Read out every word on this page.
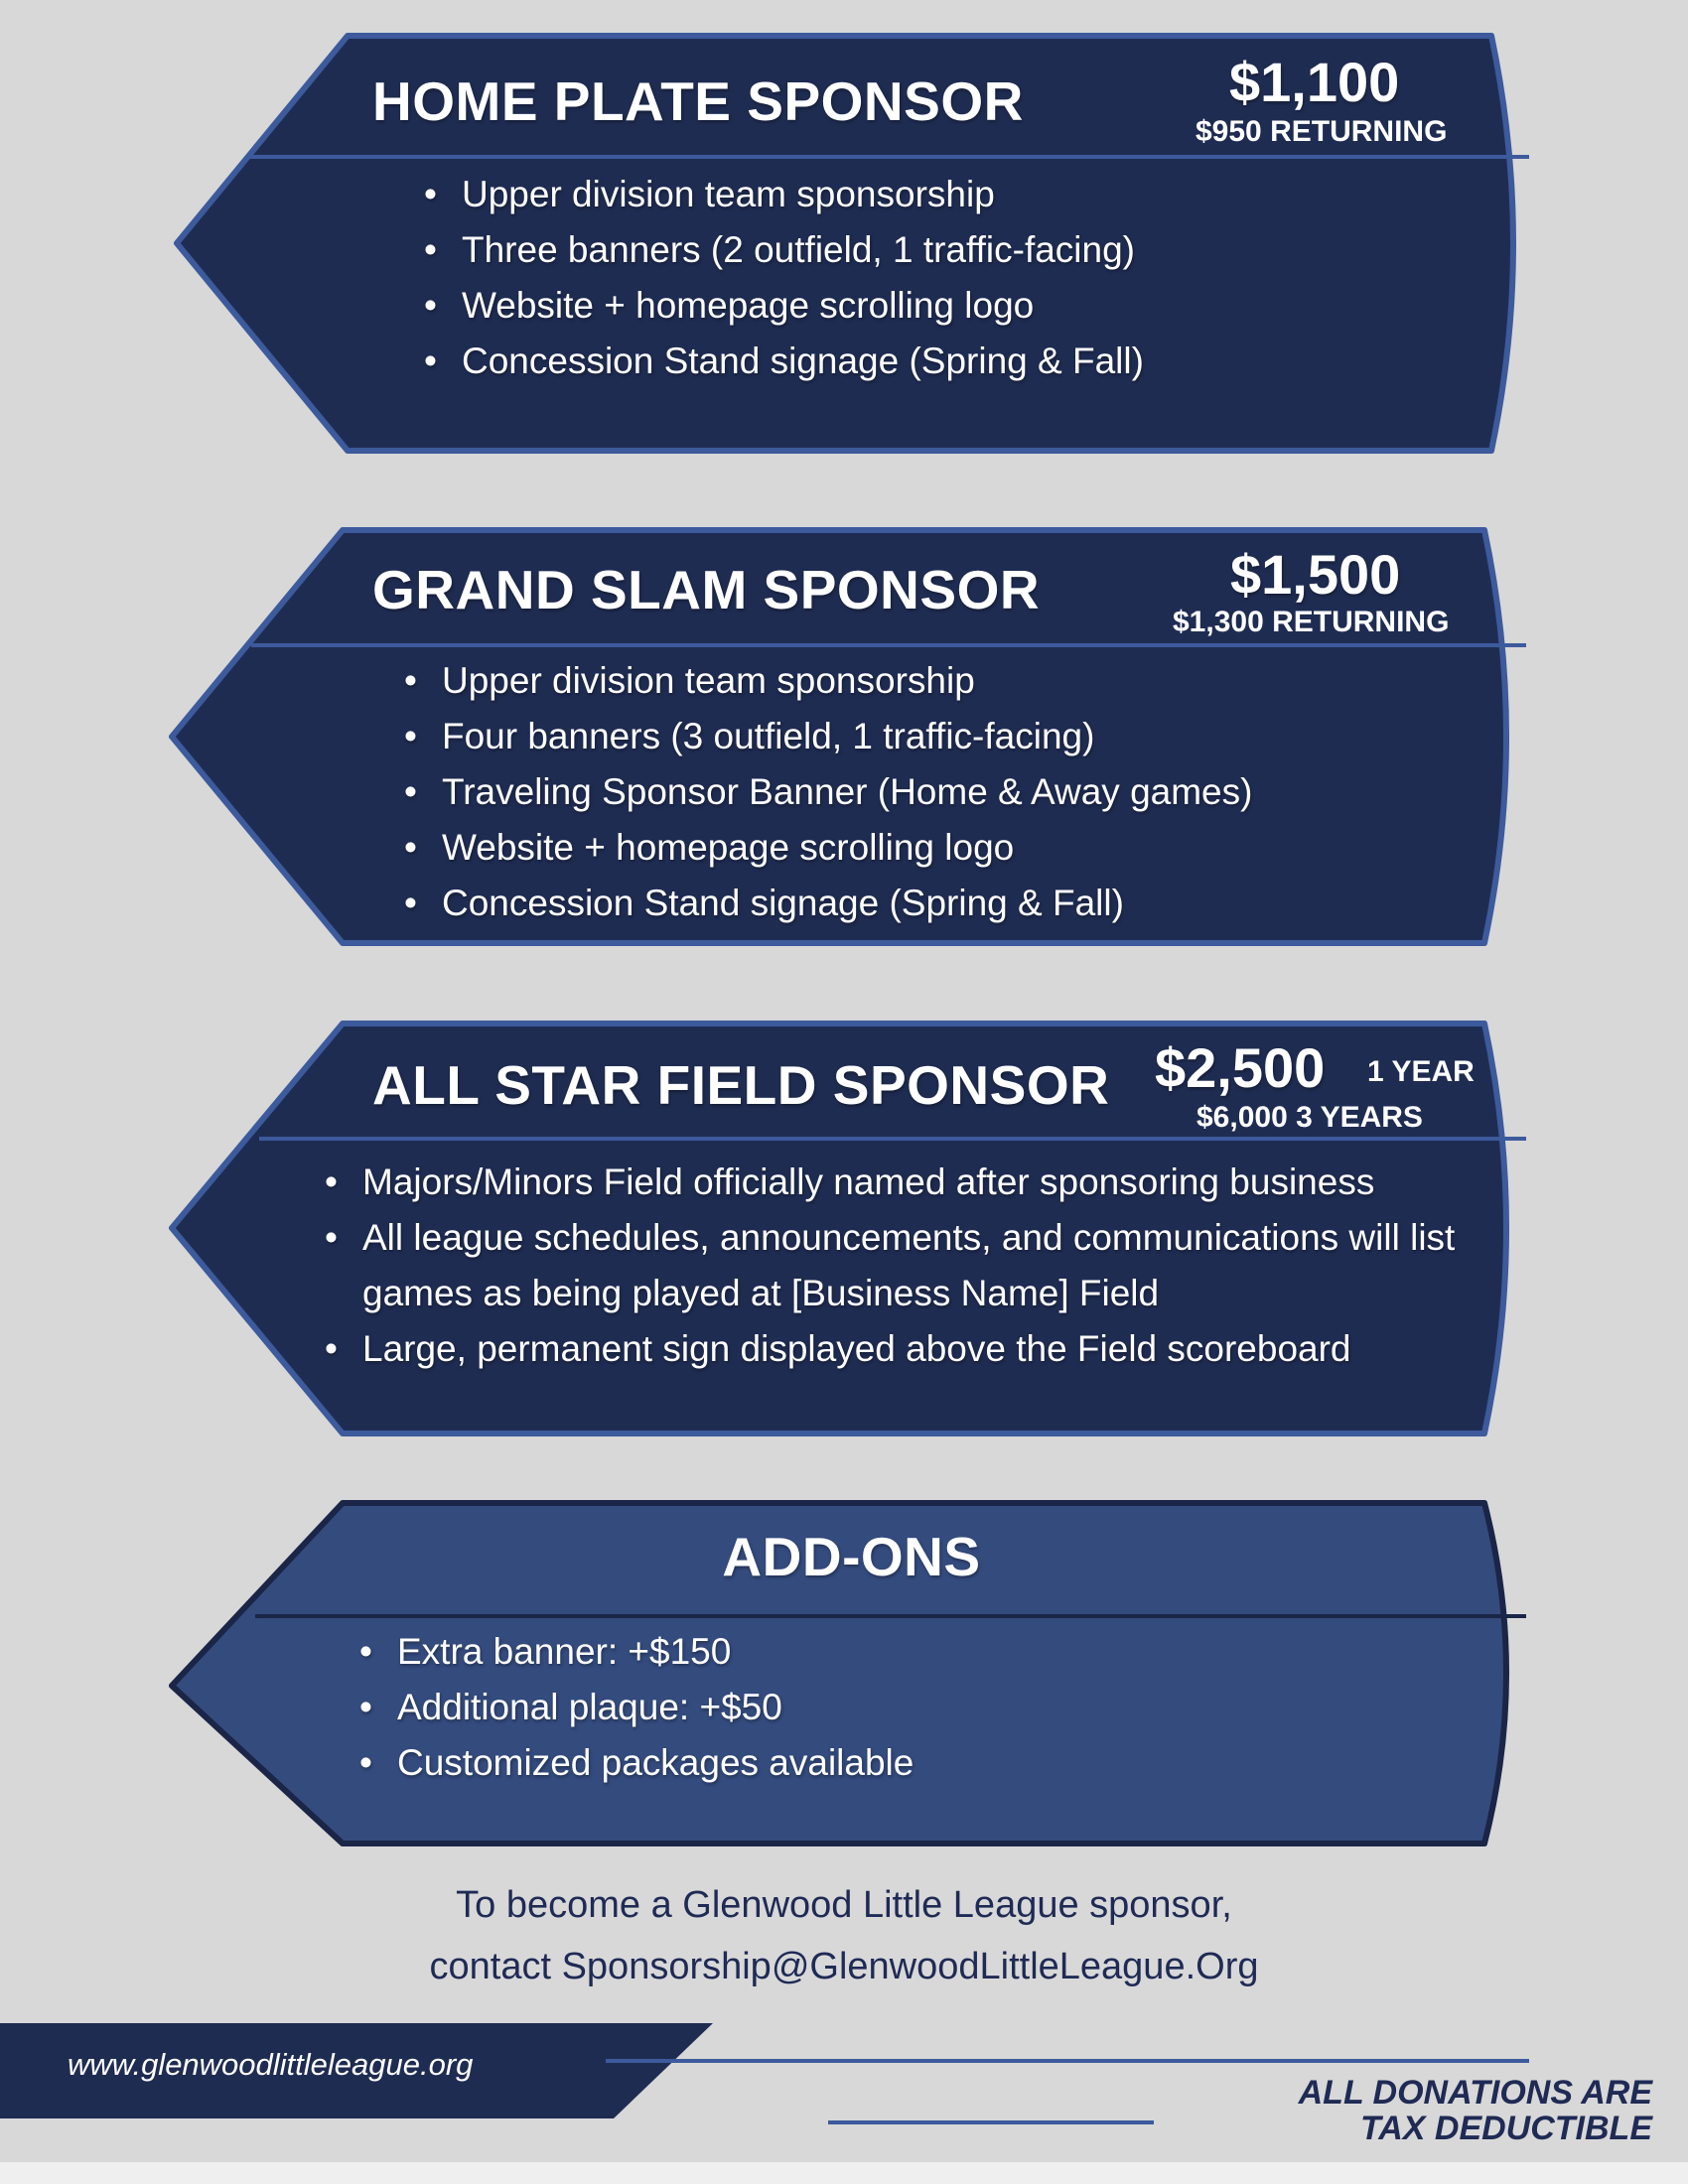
HOME PLATE SPONSOR	$1,100
$950 RETURNING
• Upper division team sponsorship
• Three banners (2 outfield, 1 traffic-facing)
• Website + homepage scrolling logo
• Concession Stand signage (Spring & Fall)
GRAND SLAM SPONSOR	$1,500
$1,300 RETURNING
• Upper division team sponsorship
• Four banners (3 outfield, 1 traffic-facing)
• Traveling Sponsor Banner (Home & Away games)
• Website + homepage scrolling logo
• Concession Stand signage (Spring & Fall)
ALL STAR FIELD SPONSOR $2,500 1 YEAR
$6,000 3 YEARS
• Majors/Minors Field officially named after sponsoring business
• All league schedules, announcements, and communications will list games as being played at [Business Name] Field
• Large, permanent sign displayed above the Field scoreboard
ADD-ONS
• Extra banner: +$150
• Additional plaque: +$50
• Customized packages available
To become a Glenwood Little League sponsor,
contact Sponsorship@GlenwoodLittleLeague.Org
www.glenwoodlittleleague.org
ALL DONATIONS ARE
TAX DEDUCTIBLE
